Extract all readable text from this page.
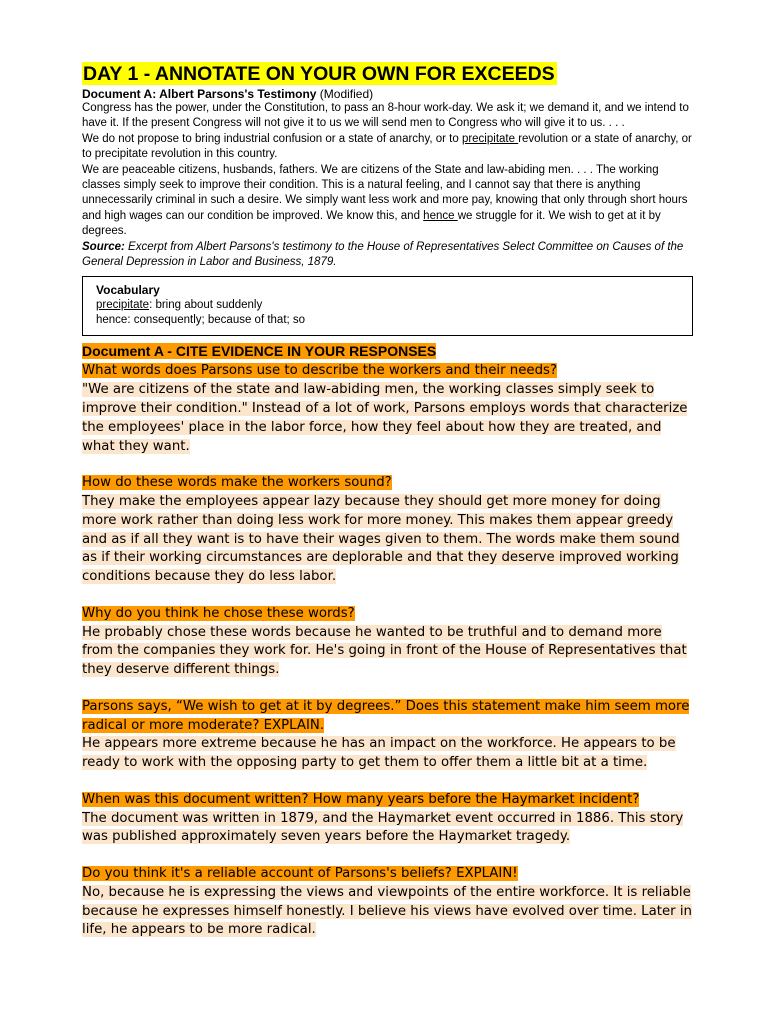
DAY 1 - ANNOTATE ON YOUR OWN FOR EXCEEDS
Document A: Albert Parsons's Testimony (Modified)

Congress has the power, under the Constitution, to pass an 8-hour work-day. We ask it; we demand it, and we intend to have it. If the present Congress will not give it to us we will send men to Congress who will give it to us. . . .

We do not propose to bring industrial confusion or a state of anarchy, or to precipitate revolution or a state of anarchy, or to precipitate revolution in this country.

We are peaceable citizens, husbands, fathers. We are citizens of the State and law-abiding men. . . . The working classes simply seek to improve their condition. This is a natural feeling, and I cannot say that there is anything unnecessarily criminal in such a desire. We simply want less work and more pay, knowing that only through short hours and high wages can our condition be improved. We know this, and hence we struggle for it. We wish to get at it by degrees.

Source: Excerpt from Albert Parsons's testimony to the House of Representatives Select Committee on Causes of the General Depression in Labor and Business, 1879.
Vocabulary
precipitate: bring about suddenly
hence: consequently; because of that; so
Document A - CITE EVIDENCE IN YOUR RESPONSES
What words does Parsons use to describe the workers and their needs?
"We are citizens of the state and law-abiding men, the working classes simply seek to improve their condition." Instead of a lot of work, Parsons employs words that characterize the employees' place in the labor force, how they feel about how they are treated, and what they want.
How do these words make the workers sound?
They make the employees appear lazy because they should get more money for doing more work rather than doing less work for more money. This makes them appear greedy and as if all they want is to have their wages given to them. The words make them sound as if their working circumstances are deplorable and that they deserve improved working conditions because they do less labor.
Why do you think he chose these words?
He probably chose these words because he wanted to be truthful and to demand more from the companies they work for. He's going in front of the House of Representatives that they deserve different things.
Parsons says, “We wish to get at it by degrees.” Does this statement make him seem more radical or more moderate? EXPLAIN.
He appears more extreme because he has an impact on the workforce. He appears to be ready to work with the opposing party to get them to offer them a little bit at a time.
When was this document written? How many years before the Haymarket incident?
The document was written in 1879, and the Haymarket event occurred in 1886. This story was published approximately seven years before the Haymarket tragedy.
Do you think it's a reliable account of Parsons's beliefs? EXPLAIN!
No, because he is expressing the views and viewpoints of the entire workforce. It is reliable because he expresses himself honestly. I believe his views have evolved over time. Later in life, he appears to be more radical.
